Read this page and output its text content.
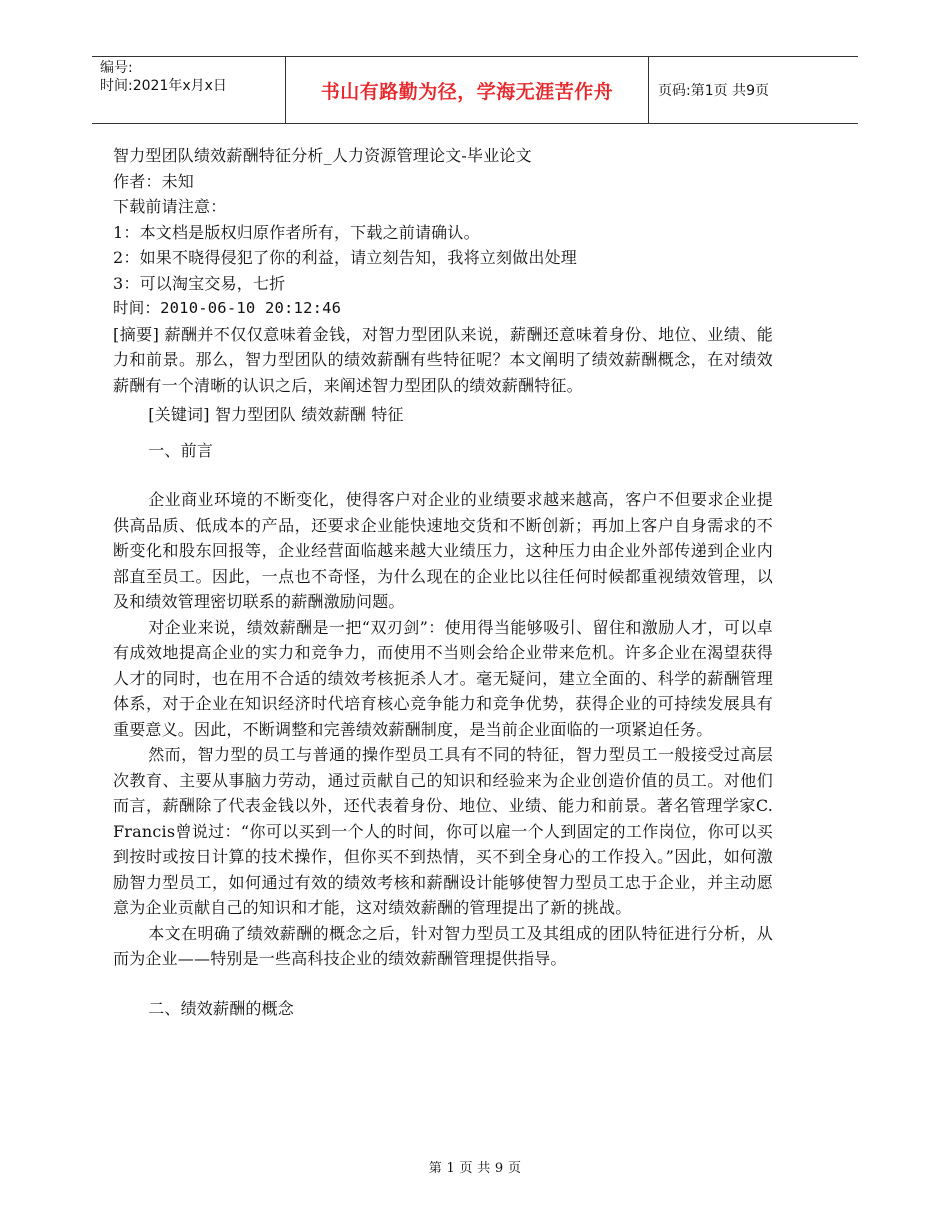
编号:
时间:2021年x月x日	书山有路勤为径，学海无涯苦作舟	页码:第1页 共9页

智力型团队绩效薪酬特征分析_人力资源管理论文-毕业论文

作者：未知

下载前请注意：

1：本文档是版权归原作者所有，下载之前请确认。

2：如果不晓得侵犯了你的利益，请立刻告知，我将立刻做出处理

3：可以淘宝交易，七折

时间：2010-06-10 20:12:46

[摘要] 薪酬并不仅仅意味着金钱，对智力型团队来说，薪酬还意味着身份、地位、业绩、能力和前景。那么，智力型团队的绩效薪酬有些特征呢？本文阐明了绩效薪酬概念，在对绩效薪酬有一个清晰的认识之后，来阐述智力型团队的绩效薪酬特征。

[关键词] 智力型团队 绩效薪酬 特征

一、前言

企业商业环境的不断变化，使得客户对企业的业绩要求越来越高，客户不但要求企业提供高品质、低成本的产品，还要求企业能快速地交货和不断创新；再加上客户自身需求的不断变化和股东回报等，企业经营面临越来越大业绩压力，这种压力由企业外部传递到企业内部直至员工。因此，一点也不奇怪，为什么现在的企业比以往任何时候都重视绩效管理，以及和绩效管理密切联系的薪酬激励问题。

对企业来说，绩效薪酬是一把“双刃剑”：使用得当能够吸引、留住和激励人才，可以卓有成效地提高企业的实力和竞争力，而使用不当则会给企业带来危机。许多企业在渴望获得人才的同时，也在用不合适的绩效考核扼杀人才。毫无疑问，建立全面的、科学的薪酬管理体系，对于企业在知识经济时代培育核心竞争能力和竞争优势，获得企业的可持续发展具有重要意义。因此，不断调整和完善绩效薪酬制度，是当前企业面临的一项紧迫任务。

然而，智力型的员工与普通的操作型员工具有不同的特征，智力型员工一般接受过高层次教育、主要从事脑力劳动，通过贡献自己的知识和经验来为企业创造价值的员工。对他们而言，薪酬除了代表金钱以外，还代表着身份、地位、业绩、能力和前景。著名管理学家C. Francis曾说过：“你可以买到一个人的时间，你可以雇一个人到固定的工作岗位，你可以买到按时或按日计算的技术操作，但你买不到热情，买不到全身心的工作投入。”因此，如何激励智力型员工，如何通过有效的绩效考核和薪酬设计能够使智力型员工忠于企业，并主动愿意为企业贡献自己的知识和才能，这对绩效薪酬的管理提出了新的挑战。

本文在明确了绩效薪酬的概念之后，针对智力型员工及其组成的团队特征进行分析，从而为企业——特别是一些高科技企业的绩效薪酬管理提供指导。

二、绩效薪酬的概念

第 1 页 共 9 页
